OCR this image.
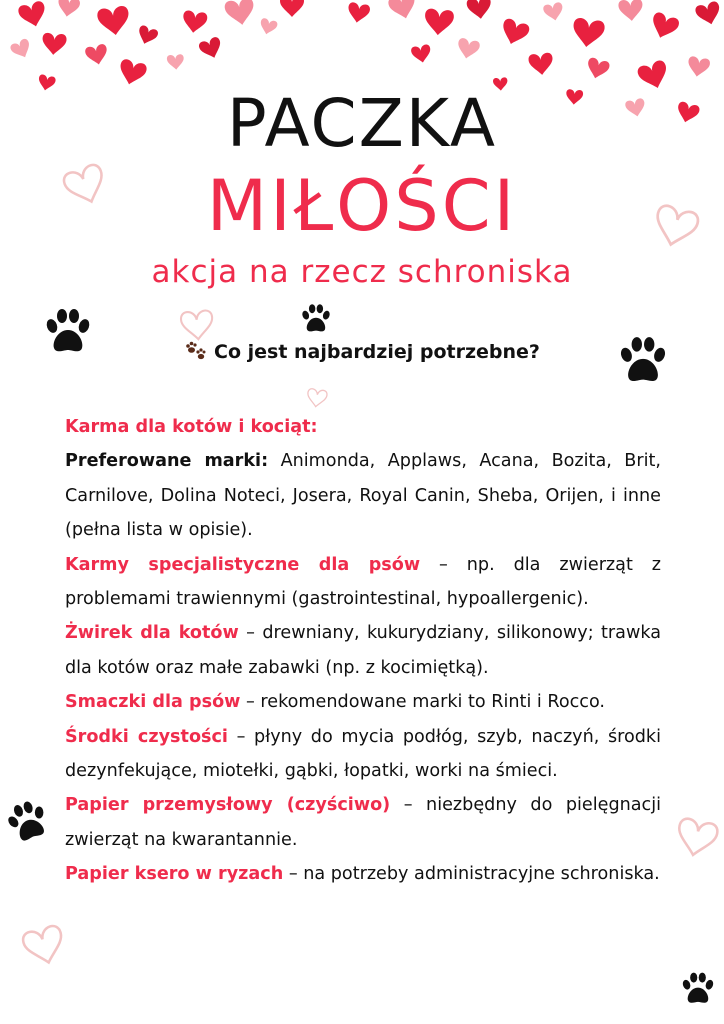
PACZKA
MIŁOŚCI
akcja na rzecz schroniska
Co jest najbardziej potrzebne?

Karma dla kotów i kociąt:

Preferowane marki: Animonda, Applaws, Acana, Bozita, Brit, Carnilove, Dolina Noteci, Josera, Royal Canin, Sheba, Orijen, i inne (pełna lista w opisie).

Karmy specjalistyczne dla psów – np. dla zwierząt z problemami trawiennymi (gastrointestinal, hypoallergenic).

Żwirek dla kotów – drewniany, kukurydziany, silikonowy; trawka dla kotów oraz małe zabawki (np. z kocimiętką).

Smaczki dla psów – rekomendowane marki to Rinti i Rocco.

Środki czystości – płyny do mycia podłóg, szyb, naczyń, środki dezynfekujące, miotełki, gąbki, łopatki, worki na śmieci.

Papier przemysłowy (czyściwo) – niezbędny do pielęgnacji zwierząt na kwarantannie.

Papier ksero w ryzach – na potrzeby administracyjne schroniska.
